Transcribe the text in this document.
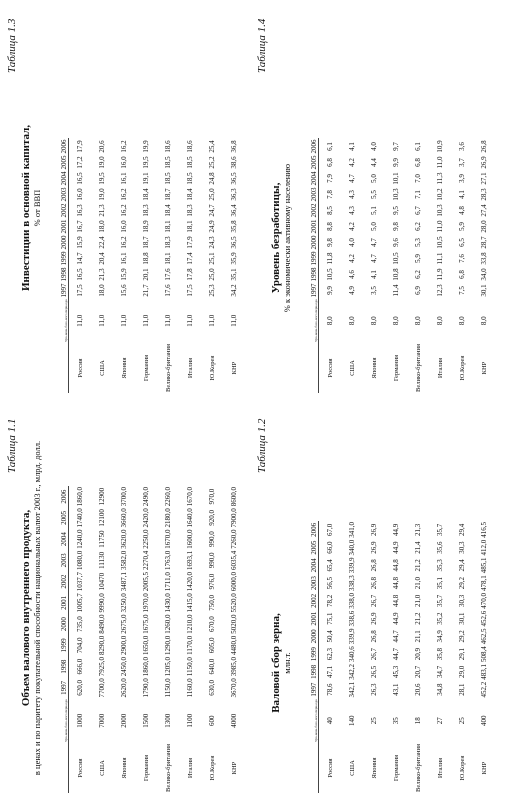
Таблица 1.1
Объем валового внутреннего продукта, в ценах и по паритету покупательной способности национальных валют 2003 г., млрд. долл.

	Уро-вень базо-вого пери-ода	1997	1998	1999	2000	2001	2002	2003	2004	2005	2006
Россия	1000	620,0	666,0	704,0	735,0	1005,7	1037,7	1080,0	1240,0	1740,0	1860,0
США	7000	7700,0	7925,0	8290,0	8490,0	9990,0	10470	11130	11750	12100	12900
Япония	2000	2620,0	2450,0	2900,0	2675,0	3250,0	3487,1	3582,0	3620,0	3660,0	3700,0
Германия	1500	1790,0	1860,0	1650,0	1675,0	1970,0	2005,5	2270,4	2250,0	2420,0	2490,0
Велико-британия	1300	1150,0	1205,0	1290,0	1260,0	1430,0	1711,0	1763,0	1670,0	2180,0	2260,0
Италия	1100	1160,0	1150,0	1170,0	1210,0	1415,0	1420,0	1693,1	1600,0	1640,0	1670,0
Ю.Корея	600	630,0	640,0	605,0	670,0	750,0	976,0	990,0	990,0	920,0	970,0
КНР	4000	3670,0	3985,0	4480,0	5020,0	5520,0	6000,0	6035,4	7260,0	7900,0	8600,0
Таблица 1.3
Инвестиции в основной капитал, % от ВВП

	Уро-вень базо-вого пери-ода	1997	1998	1999	2000	2001	2002	2003	2004	2005	2006
Россия	11,0	17,5	16,5	14,7	15,9	16,7	16,3	16,0	16,5	17,2	17,9
США	11,0	18,0	21,3	20,4	22,4	18,0	21,3	19,0	19,5	19,0	20,6
Япония	11,0	15,6	15,9	16,1	16,2	16,0	16,2	16,2	16,1	16,0	16,2
Германия	11,0	21,7	20,1	18,8	18,7	18,9	18,3	18,4	19,1	19,5	19,9
Велико-британия	11,0	17,6	17,6	18,1	18,3	18,1	18,4	18,7	18,5	18,5	18,6
Италия	11,0	17,5	17,8	17,4	17,9	18,1	18,3	18,4	18,5	18,5	18,6
Ю.Корея	11,0	25,3	25,0	25,1	24,3	24,9	24,7	25,0	24,8	25,2	25,4
КНР	11,0	34,2	35,1	35,9	36,5	35,8	36,4	36,3	36,5	38,6	36,8
Таблица 1.2
Валовой сбор зерна, млн.т.

	Уро-вень базо-вого пери-ода	1997	1998	1999	2000	2001	2002	2003	2004	2005	2006
Россия	40	78,6	47,1	62,3	50,4	75,1	78,2	56,5	65,4	66,0	67,0
США	140	342,1	342,2	340,6	339,9	338,6	338,0	338,3	339,9	340,0	341,0
Япония	25	26,3	26,5	26,7	26,8	26,9	26,7	26,8	26,8	26,9	26,9
Германия	35	43,1	45,3	44,7	44,7	44,9	44,8	44,8	44,8	44,9	44,9
Велико-британия	18	20,6	20,7	20,9	21,1	21,2	21,0	21,0	21,2	21,4	21,3
Италия	27	34,8	34,7	35,8	34,9	35,2	35,7	35,1	35,3	35,6	35,7
Ю.Корея	25	28,1	29,0	29,1	29,2	30,1	30,3	29,2	29,4	30,3	29,4
КНР	400	452,2	483,1	508,4	462,5	452,6	470,0	478,1	485,1	412,0	416,5
Таблица 1.4
Уровень безработицы, % к экономически активному населению

	Уро-вень базо-вого пери-ода	1997	1998	1999	2000	2001	2002	2003	2004	2005	2006
Россия	8,0	9,9	10,5	11,8	9,8	8,8	8,5	7,8	7,9	6,8	6,1
США	8,0	4,9	4,6	4,2	4,0	4,2	4,3	4,3	4,7	4,2	4,1
Япония	8,0	3,5	4,1	4,7	4,7	5,0	5,1	5,5	5,0	4,4	4,0
Германия	8,0	11,4	10,8	10,5	9,6	9,8	9,5	10,3	10,1	9,9	9,7
Велико-британия	8,0	6,9	6,2	5,9	5,3	6,2	6,7	7,1	7,0	6,8	6,1
Италия	8,0	12,3	11,9	11,1	10,5	11,0	10,3	10,2	11,3	11,0	10,9
Ю.Корея	8,0	7,5	6,8	7,6	6,5	5,9	4,8	4,1	3,9	3,7	3,6
КНР	8,0	30,1	34,0	33,8	28,7	28,0	27,4	28,3	27,1	26,9	26,8
